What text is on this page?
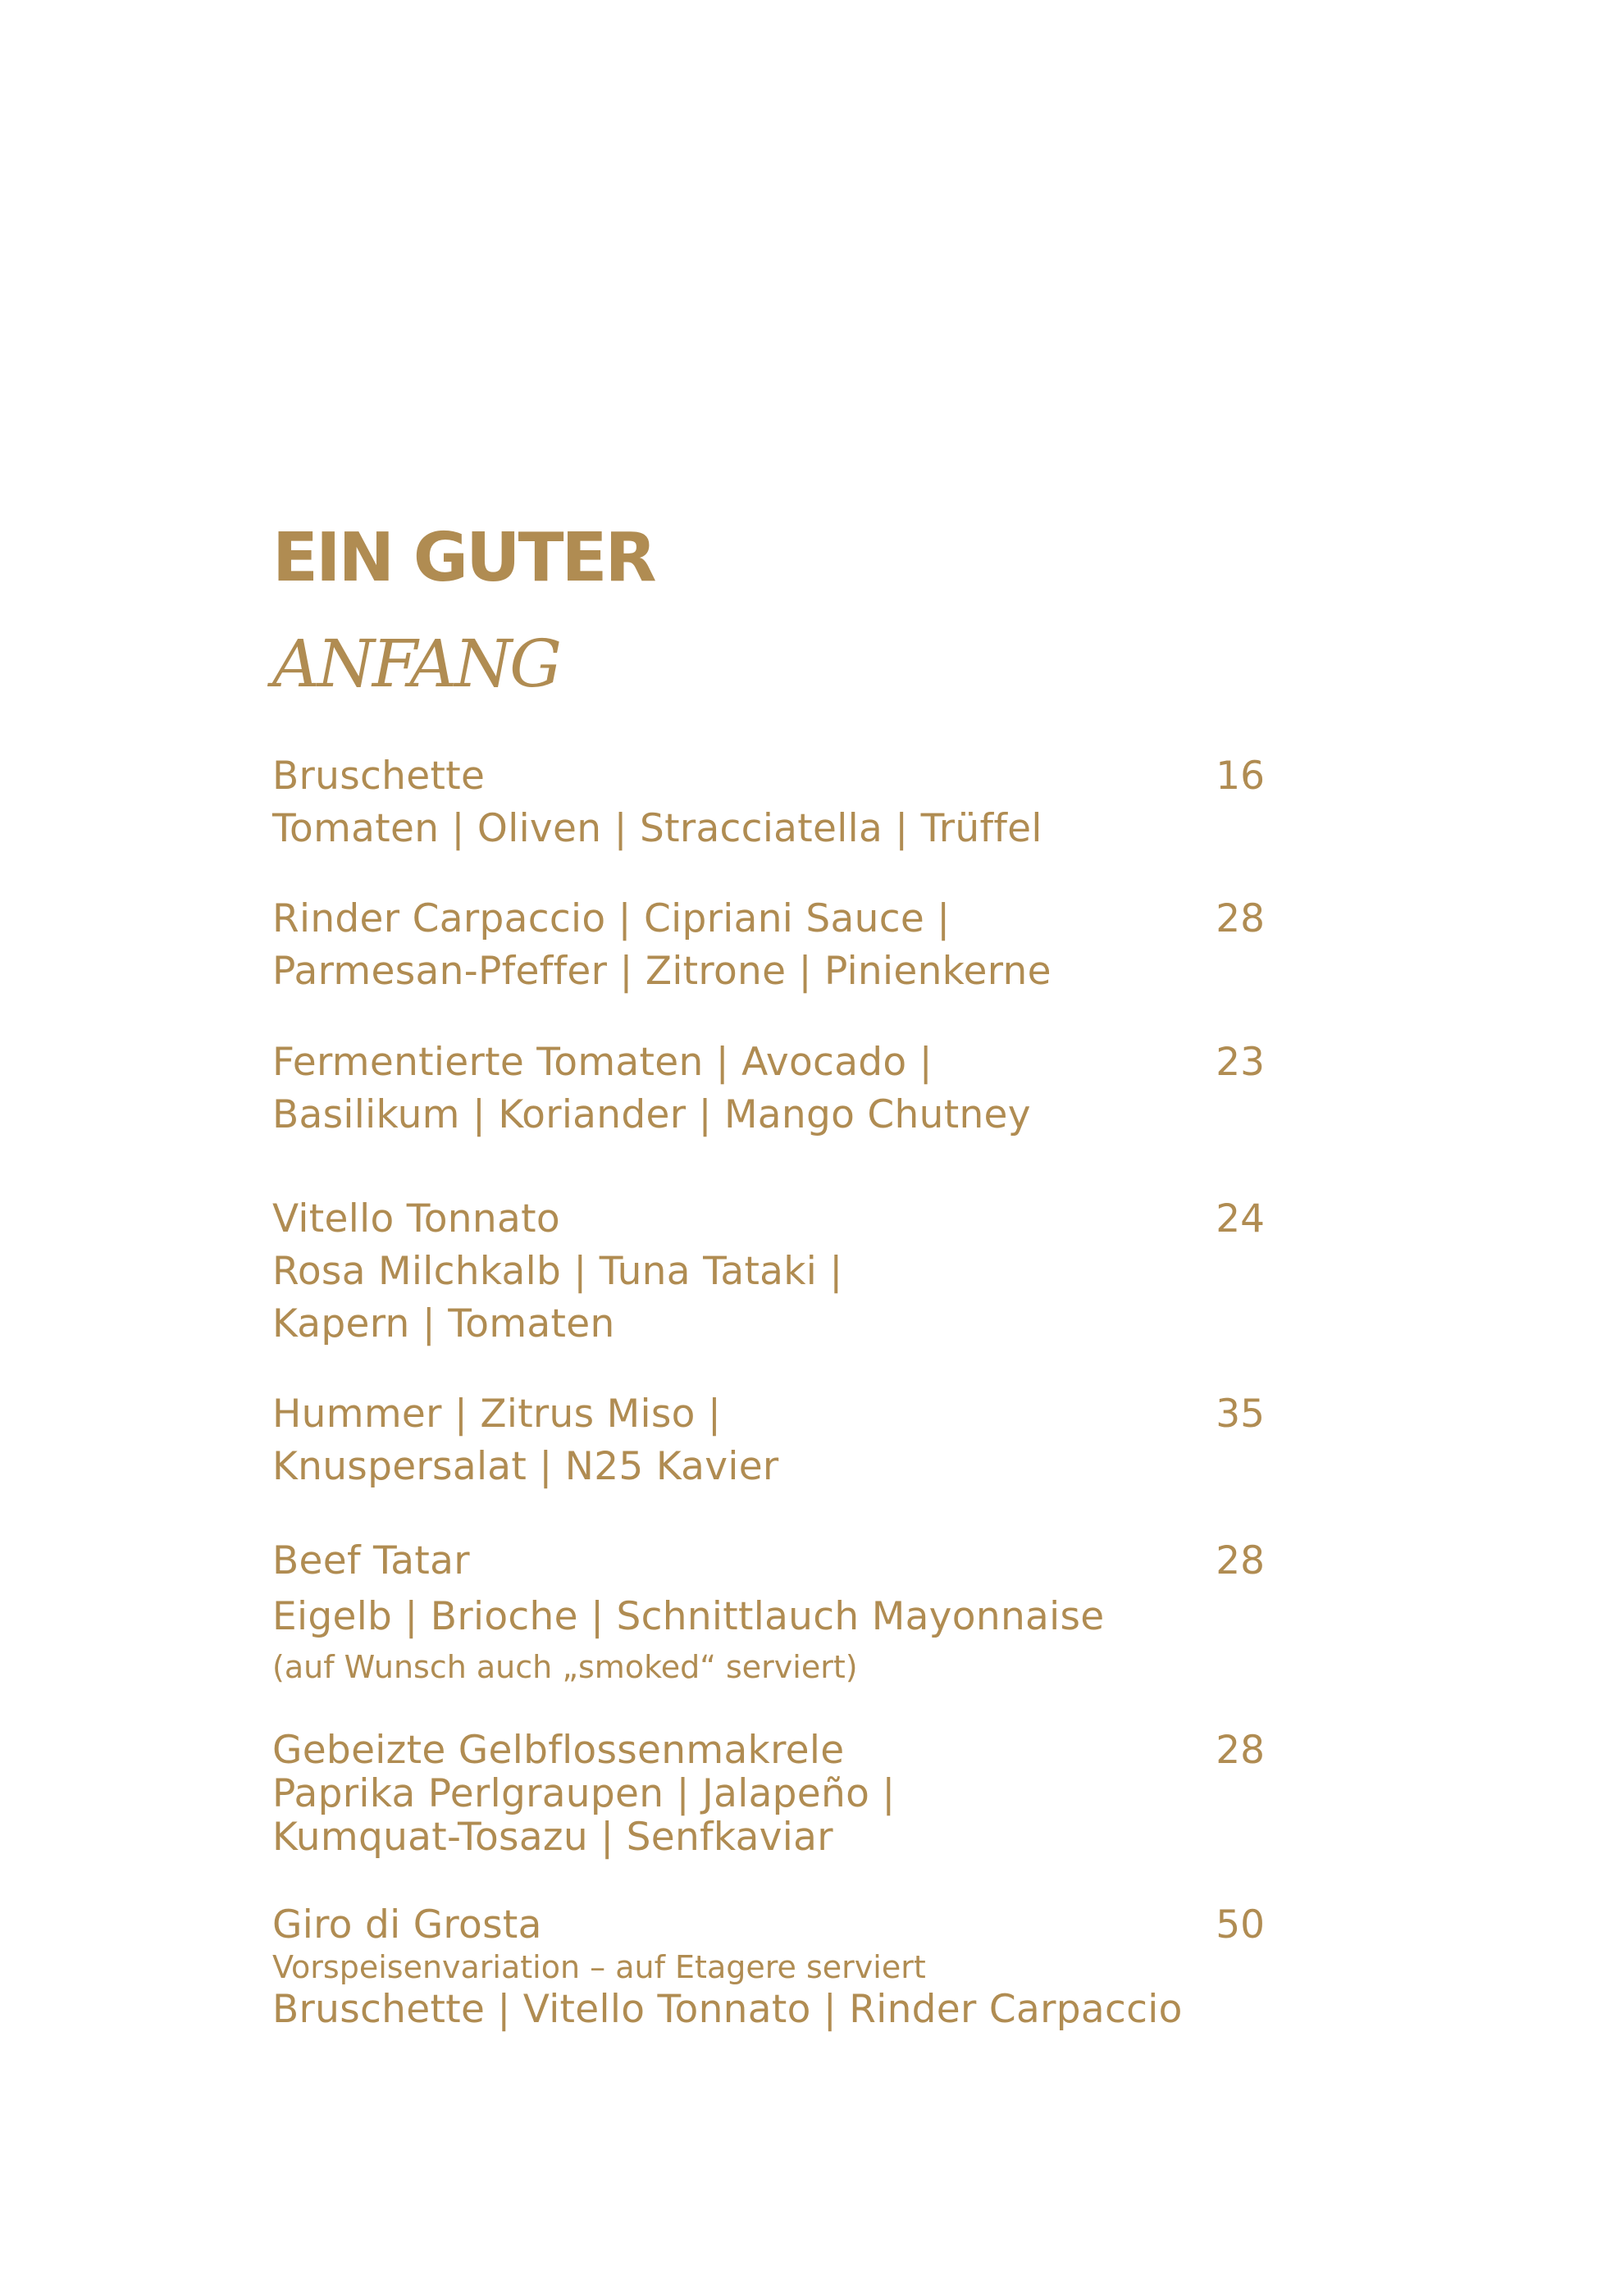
EIN GUTER
ANFANG
Bruschette
Tomaten | Oliven | Stracciatella | Trüffel
16
Rinder Carpaccio | Cipriani Sauce |
Parmesan-Pfeffer | Zitrone | Pinienkerne
28
Fermentierte Tomaten | Avocado |
Basilikum | Koriander | Mango Chutney
23
Vitello Tonnato
Rosa Milchkalb | Tuna Tataki |
Kapern | Tomaten
24
Hummer | Zitrus Miso |
Knuspersalat | N25 Kavier
35
Beef Tatar
Eigelb | Brioche | Schnittlauch Mayonnaise
(auf Wunsch auch „smoked“ serviert)
28
Gebeizte Gelbflossenmakrele
Paprika Perlgraupen | Jalapeño |
Kumquat-Tosazu | Senfkaviar
28
Giro di Grosta
Vorspeisenvariation – auf Etagere serviert
Bruschette | Vitello Tonnato | Rinder Carpaccio
50
